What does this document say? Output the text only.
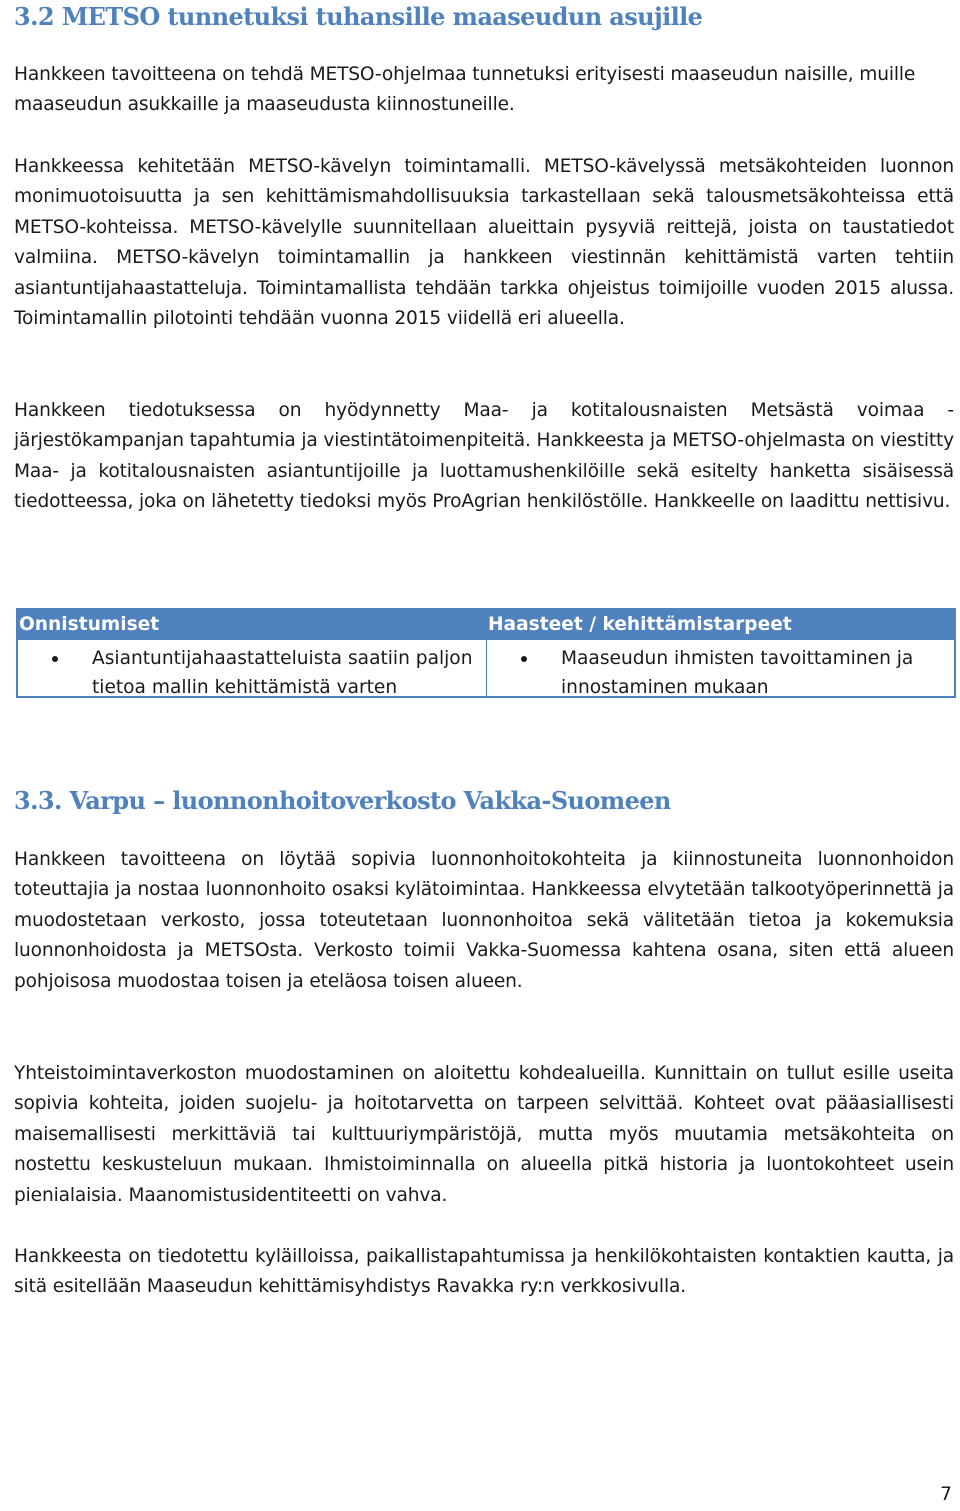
3.2 METSO tunnetuksi tuhansille maaseudun asujille

Hankkeen tavoitteena on tehdä METSO-ohjelmaa tunnetuksi erityisesti maaseudun naisille, muille maaseudun asukkaille ja maaseudusta kiinnostuneille.

Hankkeessa kehitetään METSO-kävelyn toimintamalli. METSO-kävelyssä metsäkohteiden luonnon monimuotoisuutta ja sen kehittämismahdollisuuksia tarkastellaan sekä talousmetsäkohteissa että METSO-kohteissa. METSO-kävelylle suunnitellaan alueittain pysyviä reittejä, joista on taustatiedot valmiina. METSO-kävelyn toimintamallin ja hankkeen viestinnän kehittämistä varten tehtiin asiantuntijahaastatteluja. Toimintamallista tehdään tarkka ohjeistus toimijoille vuoden 2015 alussa. Toimintamallin pilotointi tehdään vuonna 2015 viidellä eri alueella.

Hankkeen tiedotuksessa on hyödynnetty Maa- ja kotitalousnaisten Metsästä voimaa -järjestökampanjan tapahtumia ja viestintätoimenpiteitä. Hankkeesta ja METSO-ohjelmasta on viestitty Maa- ja kotitalousnaisten asiantuntijoille ja luottamushenkilöille sekä esitelty hanketta sisäisessä tiedotteessa, joka on lähetetty tiedoksi myös ProAgrian henkilöstölle. Hankkeelle on laadittu nettisivu.

Onnistumiset
Asiantuntijahaastatteluista saatiin paljon tietoa mallin kehittämistä varten
Haasteet / kehittämistarpeet
Maaseudun ihmisten tavoittaminen ja innostaminen mukaan
3.3. Varpu – luonnonhoitoverkosto Vakka-Suomeen

Hankkeen tavoitteena on löytää sopivia luonnonhoitokohteita ja kiinnostuneita luonnonhoidon toteuttajia ja nostaa luonnonhoito osaksi kylätoimintaa. Hankkeessa elvytetään talkootyöperinnettä ja muodostetaan verkosto, jossa toteutetaan luonnonhoitoa sekä välitetään tietoa ja kokemuksia luonnonhoidosta ja METSOsta. Verkosto toimii Vakka-Suomessa kahtena osana, siten että alueen pohjoisosa muodostaa toisen ja eteläosa toisen alueen.

Yhteistoimintaverkoston muodostaminen on aloitettu kohdealueilla. Kunnittain on tullut esille useita sopivia kohteita, joiden suojelu- ja hoitotarvetta on tarpeen selvittää. Kohteet ovat pääasiallisesti maisemallisesti merkittäviä tai kulttuuriympäristöjä, mutta myös muutamia metsäkohteita on nostettu keskusteluun mukaan. Ihmistoiminnalla on alueella pitkä historia ja luontokohteet usein pienialaisia. Maanomistusidentiteetti on vahva.

Hankkeesta on tiedotettu kyläilloissa, paikallistapahtumissa ja henkilökohtaisten kontaktien kautta, ja sitä esitellään Maaseudun kehittämisyhdistys Ravakka ry:n verkkosivulla.

7
